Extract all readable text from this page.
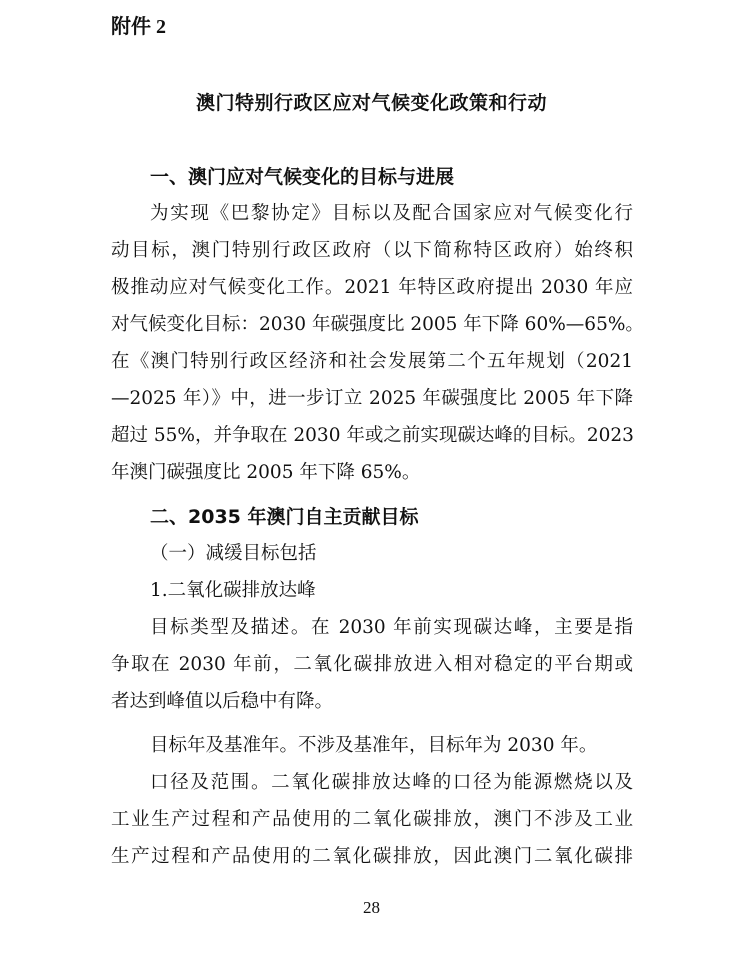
附件 2
澳门特别行政区应对气候变化政策和行动
一、澳门应对气候变化的目标与进展
为实现《巴黎协定》目标以及配合国家应对气候变化行
动目标，澳门特别行政区政府（以下简称特区政府）始终积
极推动应对气候变化工作。2021 年特区政府提出 2030 年应
对气候变化目标：2030 年碳强度比 2005 年下降 60%—65%。
在《澳门特别行政区经济和社会发展第二个五年规划（2021
—2025 年）》中，进一步订立 2025 年碳强度比 2005 年下降
超过 55%，并争取在 2030 年或之前实现碳达峰的目标。2023
年澳门碳强度比 2005 年下降 65%。
二、2035 年澳门自主贡献目标
（一）减缓目标包括
1.二氧化碳排放达峰
目标类型及描述。在 2030 年前实现碳达峰，主要是指
争取在 2030 年前，二氧化碳排放进入相对稳定的平台期或
者达到峰值以后稳中有降。
目标年及基准年。不涉及基准年，目标年为 2030 年。
口径及范围。二氧化碳排放达峰的口径为能源燃烧以及
工业生产过程和产品使用的二氧化碳排放，澳门不涉及工业
生产过程和产品使用的二氧化碳排放，因此澳门二氧化碳排
28
